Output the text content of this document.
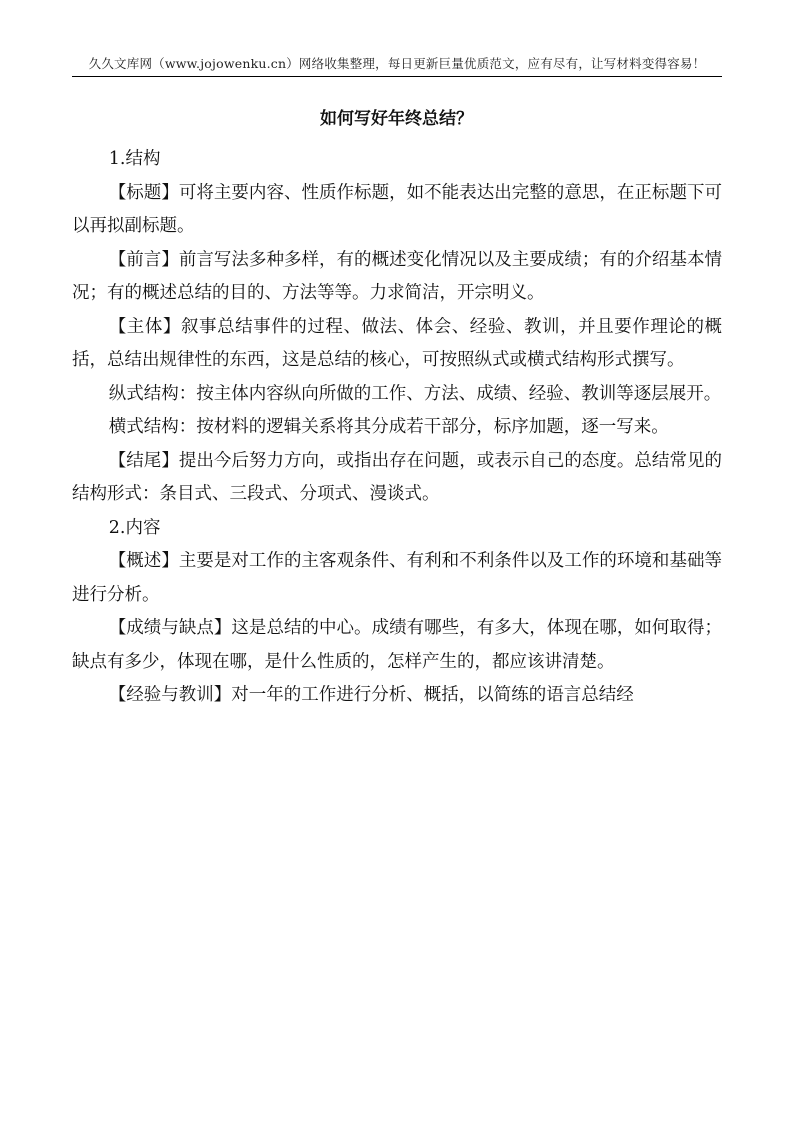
久久文库网（www.jojowenku.cn）网络收集整理，每日更新巨量优质范文，应有尽有，让写材料变得容易！
如何写好年终总结？

1.结构

【标题】可将主要内容、性质作标题，如不能表达出完整的意思，在正标题下可以再拟副标题。

【前言】前言写法多种多样，有的概述变化情况以及主要成绩；有的介绍基本情况；有的概述总结的目的、方法等等。力求简洁，开宗明义。

【主体】叙事总结事件的过程、做法、体会、经验、教训，并且要作理论的概括，总结出规律性的东西，这是总结的核心，可按照纵式或横式结构形式撰写。

纵式结构：按主体内容纵向所做的工作、方法、成绩、经验、教训等逐层展开。

横式结构：按材料的逻辑关系将其分成若干部分，标序加题，逐一写来。

【结尾】提出今后努力方向，或指出存在问题，或表示自己的态度。总结常见的结构形式：条目式、三段式、分项式、漫谈式。

2.内容

【概述】主要是对工作的主客观条件、有利和不利条件以及工作的环境和基础等进行分析。

【成绩与缺点】这是总结的中心。成绩有哪些，有多大，体现在哪，如何取得；缺点有多少，体现在哪，是什么性质的，怎样产生的，都应该讲清楚。

【经验与教训】对一年的工作进行分析、概括，以简练的语言总结经
